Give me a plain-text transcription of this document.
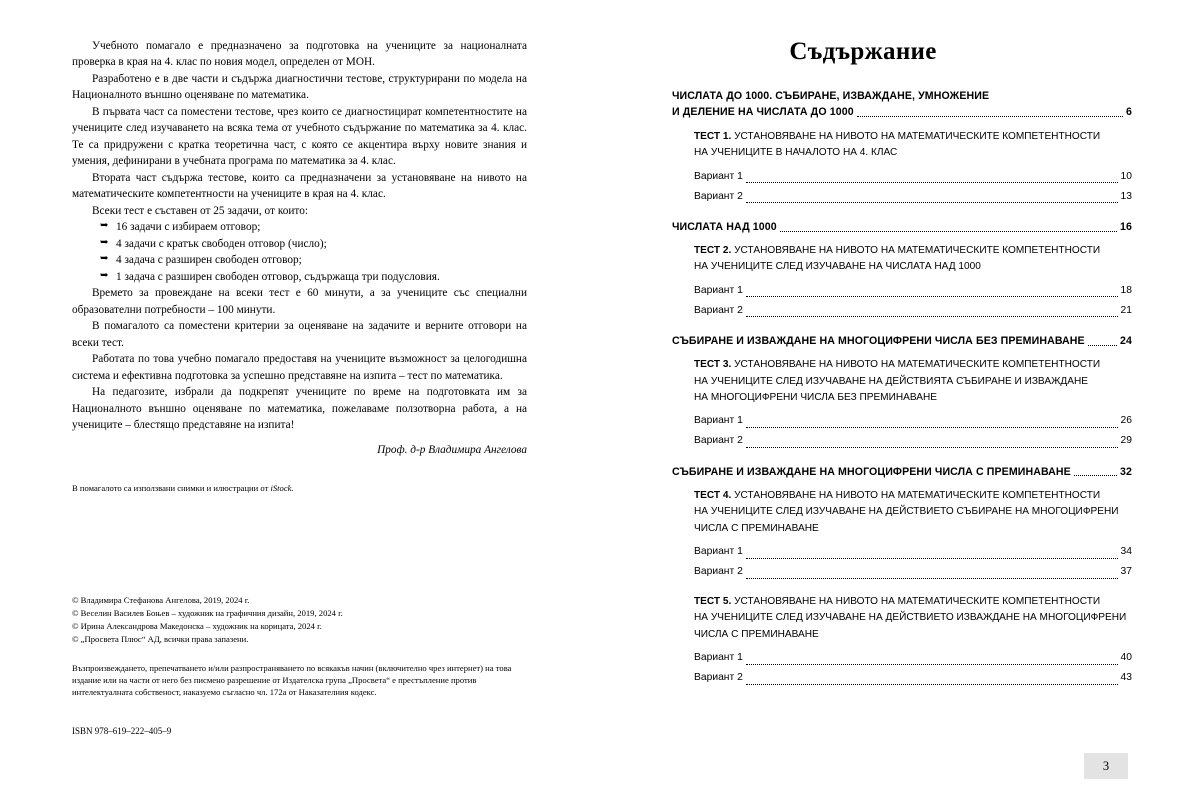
Учебното помагало е предназначено за подготовка на учениците за националната проверка в края на 4. клас по новия модел, определен от МОН.

Разработено е в две части и съдържа диагностични тестове, структурирани по модела на Националното външно оценяване по математика.

В първата част са поместени тестове, чрез които се диагностицират компетентностите на учениците след изучаването на всяка тема от учебното съдържание по математика за 4. клас. Те са придружени с кратка теоретична част, с която се акцентира върху новите знания и умения, дефинирани в учебната програма по математика за 4. клас.

Втората част съдържа тестове, които са предназначени за установяване на нивото на математическите компетентности на учениците в края на 4. клас.

Всеки тест е съставен от 25 задачи, от които:

➥ 16 задачи с избираем отговор;
➥ 4 задачи с кратък свободен отговор (число);
➥ 4 задача с разширен свободен отговор;
➥ 1 задача с разширен свободен отговор, съдържаща три подусловия.

Времето за провеждане на всеки тест е 60 минути, а за учениците със специални образователни потребности – 100 минути.

В помагалото са поместени критерии за оценяване на задачите и верните отговори на всеки тест.

Работата по това учебно помагало предоставя на учениците възможност за целогодишна система и ефективна подготовка за успешно представяне на изпита – тест по математика.

На педагозите, избрали да подкрепят учениците по време на подготовката им за Националното външно оценяване по математика, пожелаваме ползотворна работа, а на учениците – блестящо представяне на изпита!

Проф. д-р Владимира Ангелова
В помагалото са използвани снимки и илюстрации от iStock.
© Владимира Стефанова Ангелова, 2019, 2024 г.
© Веселин Василев Боњев – художник на графичния дизайн, 2019, 2024 г.
© Ирина Александрова Македонска – художник на корицата, 2024 г.
© „Просвета Плюс“ АД, всички права запазени.
Възпроизвеждането, препечатването и/или разпространяването по всякакъв начин (включително чрез интернет) на това издание или на части от него без писмено разрешение от Издателска група „Просвета“ е престъпление против интелектуалната собственост, наказуемо съгласно чл. 172а от Наказателния кодекс.
ISBN 978–619–222–405–9
Съдържание
ЧИСЛАТА ДО 1000. СЪБИРАНЕ, ИЗВАЖДАНЕ, УМНОЖЕНИЕ
И ДЕЛЕНИЕ НА ЧИСЛАТА ДО 1000	6
ТЕСТ 1. УСТАНОВЯВАНЕ НА НИВОТО НА МАТЕМАТИЧЕСКИТЕ КОМПЕТЕНТНОСТИ
НА УЧЕНИЦИТЕ В НАЧАЛОТО НА 4. КЛАС
Вариант 1	10
Вариант 2	13
ЧИСЛАТА НАД 1000	16
ТЕСТ 2. УСТАНОВЯВАНЕ НА НИВОТО НА МАТЕМАТИЧЕСКИТЕ КОМПЕТЕНТНОСТИ
НА УЧЕНИЦИТЕ СЛЕД ИЗУЧАВАНЕ НА ЧИСЛАТА НАД 1000
Вариант 1	18
Вариант 2	21
СЪБИРАНЕ И ИЗВАЖДАНЕ НА МНОГОЦИФРЕНИ ЧИСЛА БЕЗ ПРЕМИНАВАНЕ	24
ТЕСТ 3. УСТАНОВЯВАНЕ НА НИВОТО НА МАТЕМАТИЧЕСКИТЕ КОМПЕТЕНТНОСТИ
НА УЧЕНИЦИТЕ СЛЕД ИЗУЧАВАНЕ НА ДЕЙСТВИЯТА СЪБИРАНЕ И ИЗВАЖДАНЕ
НА МНОГОЦИФРЕНИ ЧИСЛА БЕЗ ПРЕМИНАВАНЕ
Вариант 1	26
Вариант 2	29
СЪБИРАНЕ И ИЗВАЖДАНЕ НА МНОГОЦИФРЕНИ ЧИСЛА С ПРЕМИНАВАНЕ	32
ТЕСТ 4. УСТАНОВЯВАНЕ НА НИВОТО НА МАТЕМАТИЧЕСКИТЕ КОМПЕТЕНТНОСТИ
НА УЧЕНИЦИТЕ СЛЕД ИЗУЧАВАНЕ НА ДЕЙСТВИЕТО СЪБИРАНЕ НА МНОГОЦИФРЕНИ
ЧИСЛА С ПРЕМИНАВАНЕ
Вариант 1	34
Вариант 2	37
ТЕСТ 5. УСТАНОВЯВАНЕ НА НИВОТО НА МАТЕМАТИЧЕСКИТЕ КОМПЕТЕНТНОСТИ
НА УЧЕНИЦИТЕ СЛЕД ИЗУЧАВАНЕ НА ДЕЙСТВИЕТО ИЗВАЖДАНЕ НА МНОГОЦИФРЕНИ
ЧИСЛА С ПРЕМИНАВАНЕ
Вариант 1	40
Вариант 2	43
3
